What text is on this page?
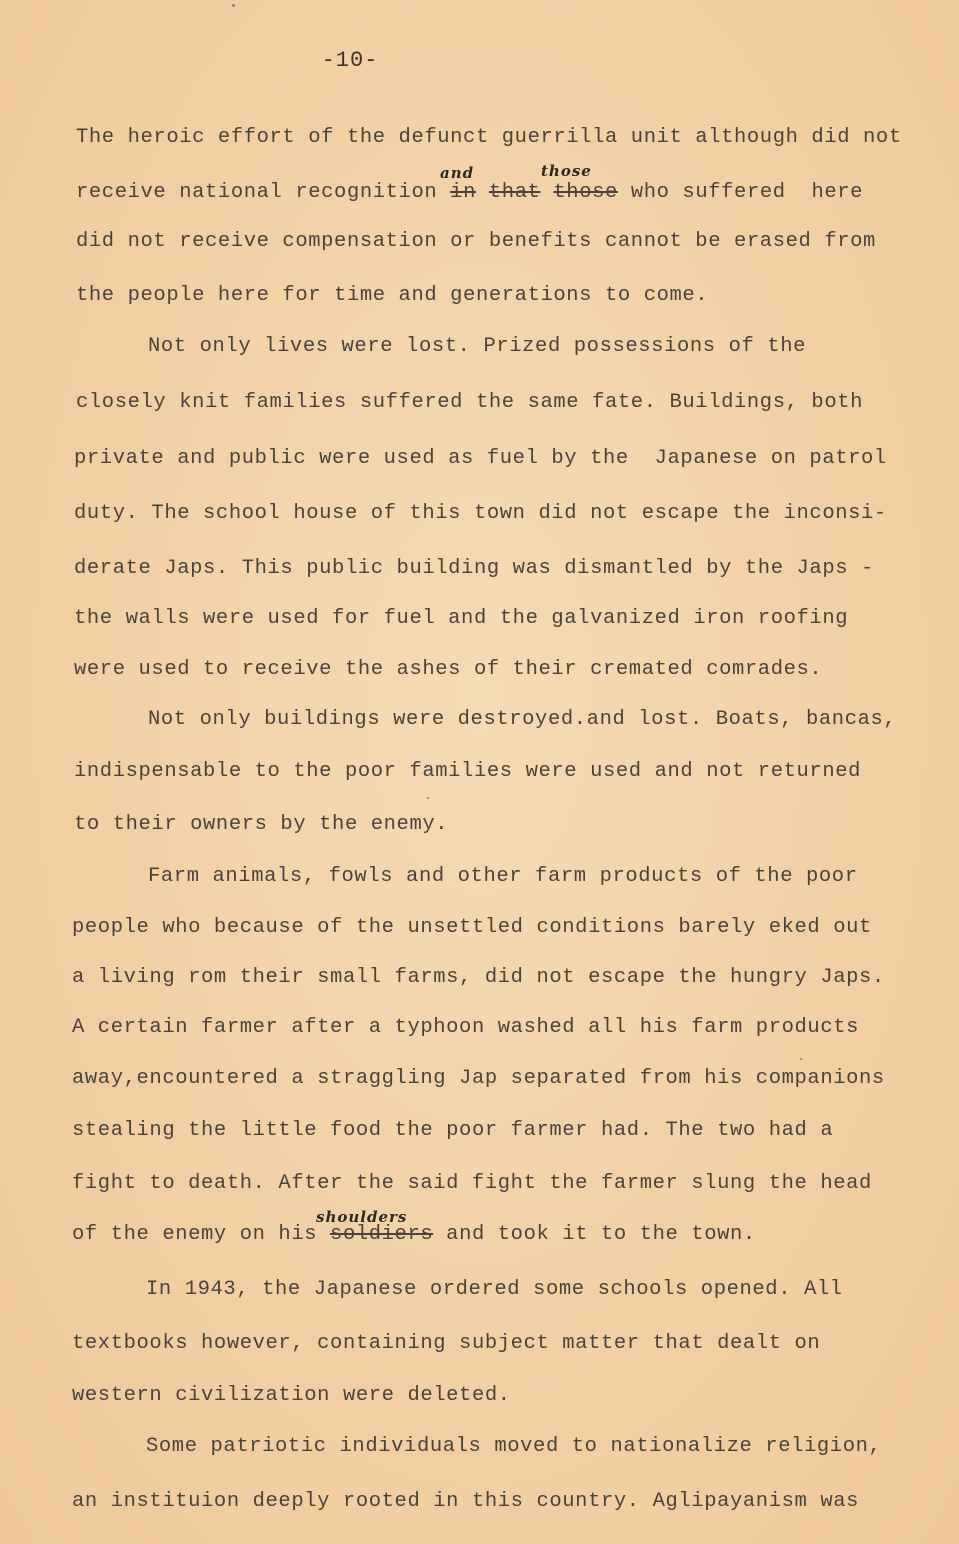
-10-
The heroic effort of the defunct guerrilla unit although did not
and	those
receive national recognition in that those who suffered  here
did not receive compensation or benefits cannot be erased from
the people here for time and generations to come.
Not only lives were lost. Prized possessions of the
closely knit families suffered the same fate. Buildings, both
private and public were used as fuel by the  Japanese on patrol
duty. The school house of this town did not escape the inconsi-
derate Japs. This public building was dismantled by the Japs -
the walls were used for fuel and the galvanized iron roofing
were used to receive the ashes of their cremated comrades.
Not only buildings were destroyed.and lost. Boats, bancas,
indispensable to the poor families were used and not returned
to their owners by the enemy.
Farm animals, fowls and other farm products of the poor
people who because of the unsettled conditions barely eked out
a living rom their small farms, did not escape the hungry Japs.
A certain farmer after a typhoon washed all his farm products
away,encountered a straggling Jap separated from his companions
stealing the little food the poor farmer had. The two had a
fight to death. After the said fight the farmer slung the head
shoulders
of the enemy on his soldiers and took it to the town.
In 1943, the Japanese ordered some schools opened. All
textbooks however, containing subject matter that dealt on
western civilization were deleted.
Some patriotic individuals moved to nationalize religion,
an instituion deeply rooted in this country. Aglipayanism was
